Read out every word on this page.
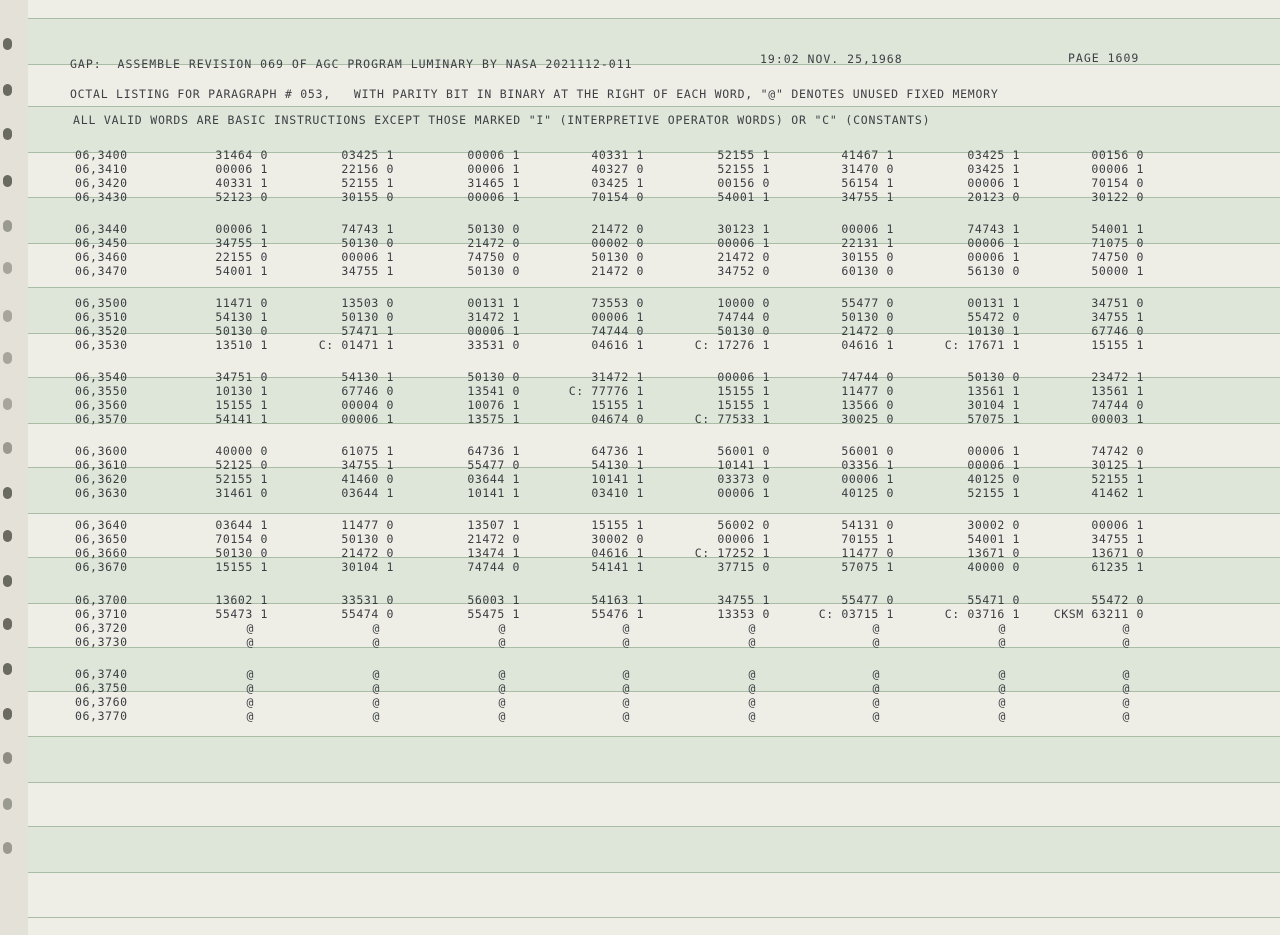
GAP:  ASSEMBLE REVISION 069 OF AGC PROGRAM LUMINARY BY NASA 2021112-011	19:02 NOV. 25,1968	PAGE 1609
OCTAL LISTING FOR PARAGRAPH # 053,   WITH PARITY BIT IN BINARY AT THE RIGHT OF EACH WORD, "@" DENOTES UNUSED FIXED MEMORY
ALL VALID WORDS ARE BASIC INSTRUCTIONS EXCEPT THOSE MARKED "I" (INTERPRETIVE OPERATOR WORDS) OR "C" (CONSTANTS)
06,3400	31464 0	03425 1	00006 1	40331 1	52155 1	41467 1	03425 1	00156 0
06,3410	00006 1	22156 0	00006 1	40327 0	52155 1	31470 0	03425 1	00006 1
06,3420	40331 1	52155 1	31465 1	03425 1	00156 0	56154 1	00006 1	70154 0
06,3430	52123 0	30155 0	00006 1	70154 0	54001 1	34755 1	20123 0	30122 0
06,3440	00006 1	74743 1	50130 0	21472 0	30123 1	00006 1	74743 1	54001 1
06,3450	34755 1	50130 0	21472 0	00002 0	00006 1	22131 1	00006 1	71075 0
06,3460	22155 0	00006 1	74750 0	50130 0	21472 0	30155 0	00006 1	74750 0
06,3470	54001 1	34755 1	50130 0	21472 0	34752 0	60130 0	56130 0	50000 1
06,3500	11471 0	13503 0	00131 1	73553 0	10000 0	55477 0	00131 1	34751 0
06,3510	54130 1	50130 0	31472 1	00006 1	74744 0	50130 0	55472 0	34755 1
06,3520	50130 0	57471 1	00006 1	74744 0	50130 0	21472 0	10130 1	67746 0
06,3530	13510 1	C: 01471 1	33531 0	04616 1	C: 17276 1	04616 1	C: 17671 1	15155 1
06,3540	34751 0	54130 1	50130 0	31472 1	00006 1	74744 0	50130 0	23472 1
06,3550	10130 1	67746 0	13541 0	C: 77776 1	15155 1	11477 0	13561 1	13561 1
06,3560	15155 1	00004 0	10076 1	15155 1	15155 1	13566 0	30104 1	74744 0
06,3570	54141 1	00006 1	13575 1	04674 0	C: 77533 1	30025 0	57075 1	00003 1
06,3600	40000 0	61075 1	64736 1	64736 1	56001 0	56001 0	00006 1	74742 0
06,3610	52125 0	34755 1	55477 0	54130 1	10141 1	03356 1	00006 1	30125 1
06,3620	52155 1	41460 0	03644 1	10141 1	03373 0	00006 1	40125 0	52155 1
06,3630	31461 0	03644 1	10141 1	03410 1	00006 1	40125 0	52155 1	41462 1
06,3640	03644 1	11477 0	13507 1	15155 1	56002 0	54131 0	30002 0	00006 1
06,3650	70154 0	50130 0	21472 0	30002 0	00006 1	70155 1	54001 1	34755 1
06,3660	50130 0	21472 0	13474 1	04616 1	C: 17252 1	11477 0	13671 0	13671 0
06,3670	15155 1	30104 1	74744 0	54141 1	37715 0	57075 1	40000 0	61235 1
06,3700	13602 1	33531 0	56003 1	54163 1	34755 1	55477 0	55471 0	55472 0
06,3710	55473 1	55474 0	55475 1	55476 1	13353 0	C: 03715 1	C: 03716 1	CKSM 63211 0
06,3720	@	@	@	@	@	@	@	@
06,3730	@	@	@	@	@	@	@	@
06,3740	@	@	@	@	@	@	@	@
06,3750	@	@	@	@	@	@	@	@
06,3760	@	@	@	@	@	@	@	@
06,3770	@	@	@	@	@	@	@	@
